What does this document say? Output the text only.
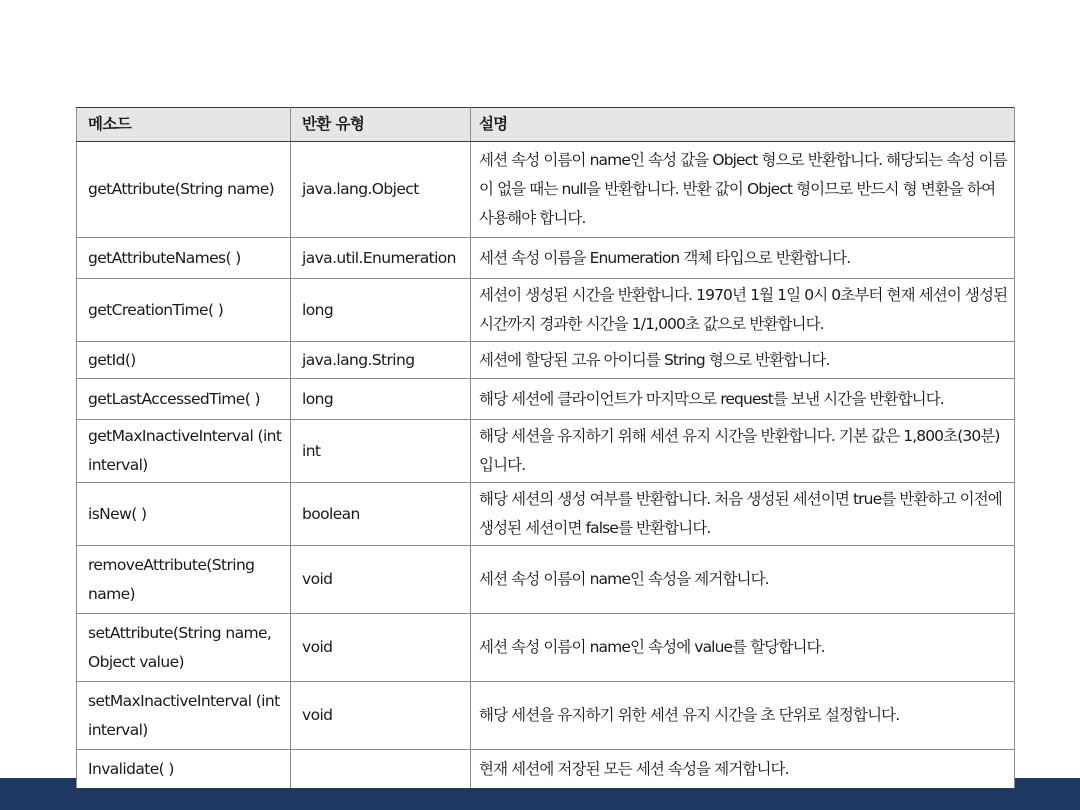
메소드	반환 유형	설명
getAttribute(String name)	java.lang.Object	세션 속성 이름이 name인 속성 값을 Object 형으로 반환합니다. 해당되는 속성 이름이 없을 때는 null을 반환합니다. 반환 값이 Object 형이므로 반드시 형 변환을 하여 사용해야 합니다.
getAttributeNames( )	java.util.Enumeration	세션 속성 이름을 Enumeration 객체 타입으로 반환합니다.
getCreationTime( )	long	세션이 생성된 시간을 반환합니다. 1970년 1월 1일 0시 0초부터 현재 세션이 생성된 시간까지 경과한 시간을 1/1,000초 값으로 반환합니다.
getId()	java.lang.String	세션에 할당된 고유 아이디를 String 형으로 반환합니다.
getLastAccessedTime( )	long	해당 세션에 클라이언트가 마지막으로 request를 보낸 시간을 반환합니다.
getMaxInactiveInterval (int interval)	int	해당 세션을 유지하기 위해 세션 유지 시간을 반환합니다. 기본 값은 1,800초(30분)입니다.
isNew( )	boolean	해당 세션의 생성 여부를 반환합니다. 처음 생성된 세션이면 true를 반환하고 이전에 생성된 세션이면 false를 반환합니다.
removeAttribute(String name)	void	세션 속성 이름이 name인 속성을 제거합니다.
setAttribute(String name, Object value)	void	세션 속성 이름이 name인 속성에 value를 할당합니다.
setMaxInactiveInterval (int interval)	void	해당 세션을 유지하기 위한 세션 유지 시간을 초 단위로 설정합니다.
Invalidate( )		현재 세션에 저장된 모든 세션 속성을 제거합니다.
